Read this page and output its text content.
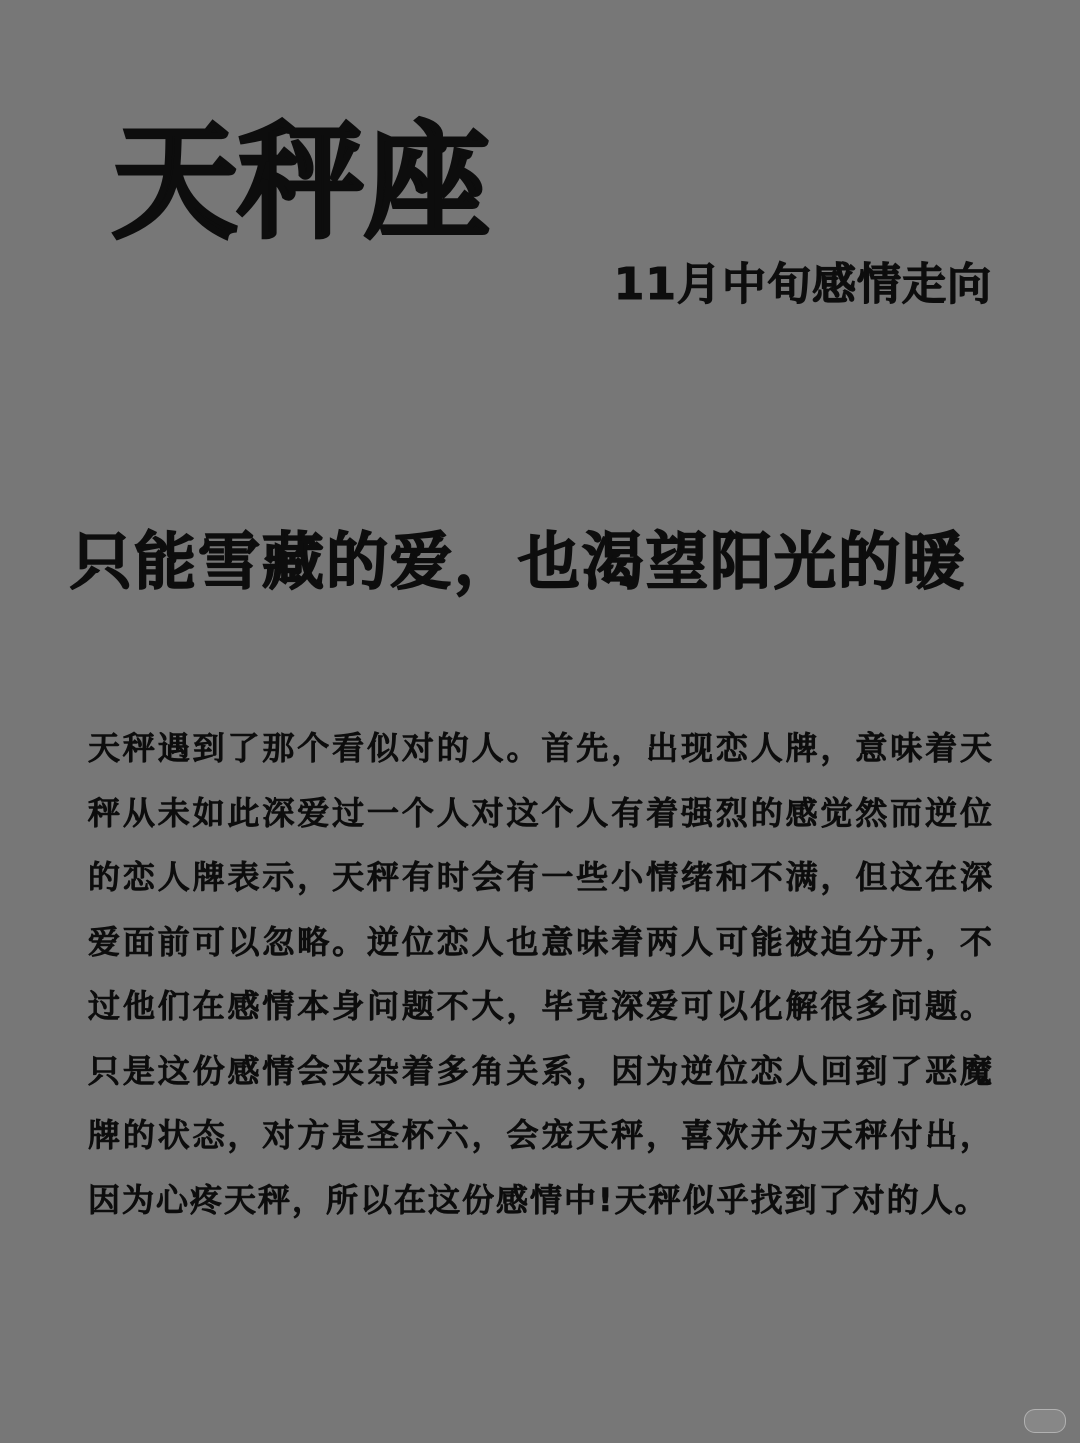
天秤座
11月中旬感情走向
只能雪藏的爱，也渴望阳光的暖
天秤遇到了那个看似对的人。首先，出现恋人牌，意味着天秤从未如此深爱过一个人对这个人有着强烈的感觉然而逆位的恋人牌表示，天秤有时会有一些小情绪和不满，但这在深爱面前可以忽略。逆位恋人也意味着两人可能被迫分开，不过他们在感情本身问题不大，毕竟深爱可以化解很多问题。只是这份感情会夹杂着多角关系，因为逆位恋人回到了恶魔牌的状态，对方是圣杯六，会宠天秤，喜欢并为天秤付出，因为心疼天秤，所以在这份感情中!天秤似乎找到了对的人。
